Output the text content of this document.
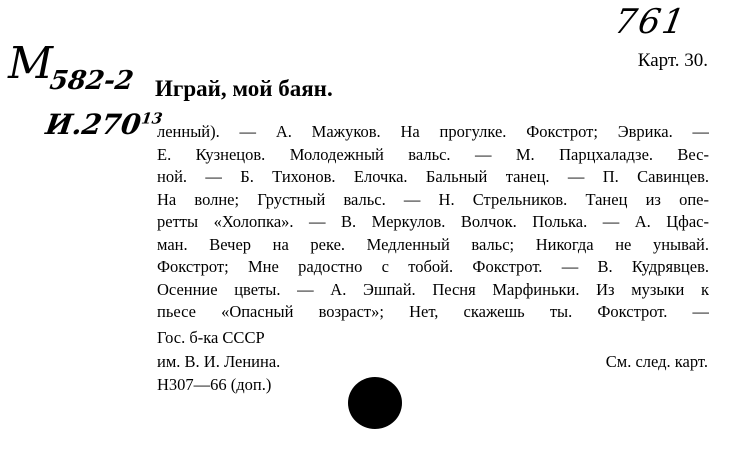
761
М
582-2
И.270$^{13}$
Карт. 30.
Играй, мой баян.
ленный). — А. Мажуков. На прогулке. Фокстрот; Эврика. —
Е. Кузнецов. Молодежный вальс. — М. Парцхаладзе. Вес-
ной. — Б. Тихонов. Елочка. Бальный танец. — П. Савинцев.
На волне; Грустный вальс. — Н. Стрельников. Танец из опе-
ретты «Холопка». — В. Меркулов. Волчок. Полька. — А. Цфас-
ман. Вечер на реке. Медленный вальс; Никогда не унывай.
Фокстрот; Мне радостно с тобой. Фокстрот. — В. Кудрявцев.
Осенние цветы. — А. Эшпай. Песня Марфиньки. Из музыки к
пьесе «Опасный возраст»; Нет, скажешь ты. Фокстрот. —
Гос. б-ка СССР
им. В. И. Ленина.	См. след. карт.
Н307—66 (доп.)
